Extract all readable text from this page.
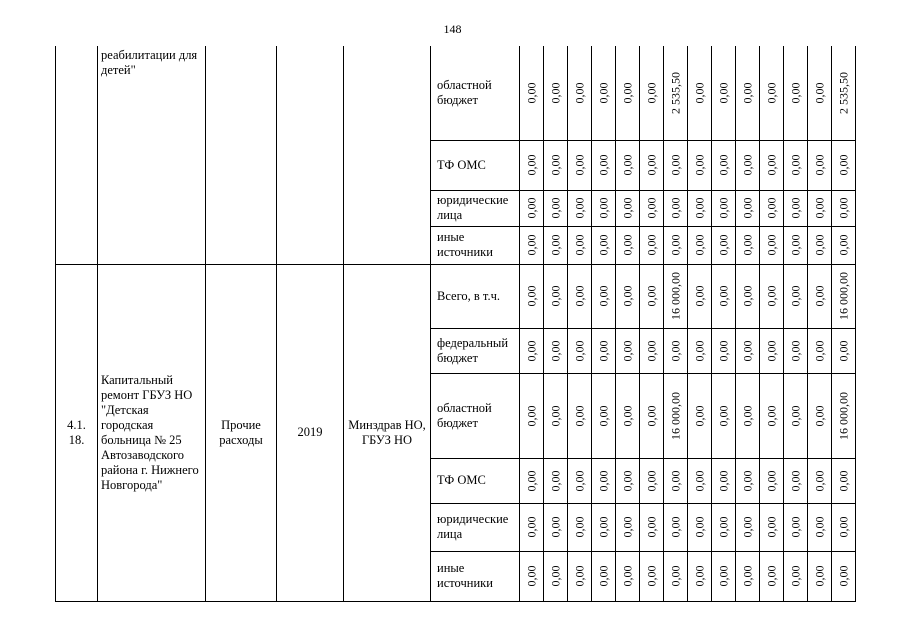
148
	реабилитации для детей"				областной бюджет	0,00	0,00	0,00	0,00	0,00	0,00	2 535,50	0,00	0,00	0,00	0,00	0,00	0,00	2 535,50

					ТФ ОМС	0,00	0,00	0,00	0,00	0,00	0,00	0,00	0,00	0,00	0,00	0,00	0,00	0,00	0,00

					юридические лица	0,00	0,00	0,00	0,00	0,00	0,00	0,00	0,00	0,00	0,00	0,00	0,00	0,00	0,00

					иные источники	0,00	0,00	0,00	0,00	0,00	0,00	0,00	0,00	0,00	0,00	0,00	0,00	0,00	0,00

4.1. 18.	Капитальный ремонт ГБУЗ НО "Детская городская больница № 25 Автозаводского района г. Нижнего Новгорода"	Прочие расходы	2019	Минздрав НО, ГБУЗ НО	Всего, в т.ч.	0,00	0,00	0,00	0,00	0,00	0,00	16 000,00	0,00	0,00	0,00	0,00	0,00	0,00	16 000,00

					федеральный бюджет	0,00	0,00	0,00	0,00	0,00	0,00	0,00	0,00	0,00	0,00	0,00	0,00	0,00	0,00

					областной бюджет	0,00	0,00	0,00	0,00	0,00	0,00	16 000,00	0,00	0,00	0,00	0,00	0,00	0,00	16 000,00

					ТФ ОМС	0,00	0,00	0,00	0,00	0,00	0,00	0,00	0,00	0,00	0,00	0,00	0,00	0,00	0,00

					юридические лица	0,00	0,00	0,00	0,00	0,00	0,00	0,00	0,00	0,00	0,00	0,00	0,00	0,00	0,00

					иные источники	0,00	0,00	0,00	0,00	0,00	0,00	0,00	0,00	0,00	0,00	0,00	0,00	0,00	0,00
